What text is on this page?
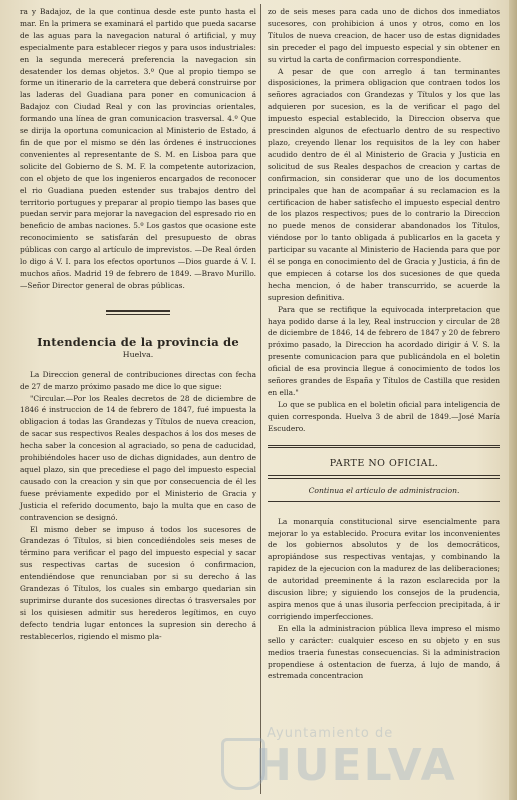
ra y Badajoz, de la que continua desde este punto hasta el mar. En la primera se examinará el partido que pueda sacarse de las aguas para la navegacion natural ó artificial, y muy especialmente para establecer riegos y para usos industriales: en la segunda merecerá preferencia la navegacion sin desatender los demas objetos. 3.º Que al propio tiempo se forme un itinerario de la carretera que deberá construirse por las laderas del Guadiana para poner en comunicacion á Badajoz con Ciudad Real y con las provincias orientales, formando una línea de gran comunicacion trasversal. 4.º Que se dirija la oportuna comunicacion al Ministerio de Estado, á fin de que por el mismo se dén las órdenes é instrucciones convenientes al representante de S. M. en Lisboa para que solicite del Gobierno de S. M. F. la competente autorizacion, con el objeto de que los ingenieros encargados de reconocer el rio Guadiana pueden estender sus trabajos dentro del territorio portugues y preparar al propio tiempo las bases que puedan servir para mejorar la navegacion del espresado rio en beneficio de ambas naciones. 5.º Los gastos que ocasione este reconocimiento se satisfarán del presupuesto de obras públicas con cargo al artículo de imprevistos. —De Real órden lo digo á V. I. para los efectos oportunos —Dios guarde á V. I. muchos años. Madrid 19 de febrero de 1849. —Bravo Murillo.—Señor Director general de obras públicas.

Intendencia de la provincia de
Huelva.

La Direccion general de contribuciones directas con fecha de 27 de marzo próximo pasado me dice lo que sigue:

"Circular.—Por los Reales decretos de 28 de diciembre de 1846 é instruccion de 14 de febrero de 1847, fué impuesta la obligacion á todas las Grandezas y Títulos de nueva creacion, de sacar sus respectivos Reales despachos á los dos meses de hecha saber la concesion al agraciado, so pena de caducidad, prohibiéndoles hacer uso de dichas dignidades, aun dentro de aquel plazo, sin que precediese el pago del impuesto especial causado con la creacion y sin que por consecuencia de él les fuese préviamente expedido por el Ministerio de Gracia y Justicia el referido documento, bajo la multa que en caso de contravencion se designó.

El mismo deber se impuso á todos los sucesores de Grandezas ó Títulos, si bien concediéndoles seis meses de término para verificar el pago del impuesto especial y sacar sus respectivas cartas de sucesion ó confirmacion, entendiéndose que renunciaban por si su derecho á las Grandezas ó Títulos, los cuales sin embargo quedarian sin suprimirse durante dos sucesiones directas ó trasversales por si los quisiesen admitir sus herederos legítimos, en cuyo defecto tendria lugar entonces la supresion sin derecho á restablecerlos, rigiendo el mismo pla-

zo de seis meses para cada uno de dichos dos inmediatos sucesores, con prohibicion á unos y otros, como en los Títulos de nueva creacion, de hacer uso de estas dignidades sin preceder el pago del impuesto especial y sin obtener en su virtud la carta de confirmacion correspondiente.

A pesar de que con arreglo á tan terminantes disposiciones, la primera obligacion que contraen todos los señores agraciados con Grandezas y Títulos y los que las adquieren por sucesion, es la de verificar el pago del impuesto especial establecido, la Direccion observa que prescinden algunos de efectuarlo dentro de su respectivo plazo, creyendo llenar los requisitos de la ley con haber acudido dentro de él al Ministerio de Gracia y Justicia en solicitud de sus Reales despachos de creacion y cartas de confirmacion, sin considerar que uno de los documentos principales que han de acompañar á su reclamacion es la certificacion de haber satisfecho el impuesto especial dentro de los plazos respectivos; pues de lo contrario la Direccion no puede menos de considerar abandonados los Títulos, viéndose por lo tanto obligada á publicarlos en la gaceta y participar su vacante al Ministerio de Hacienda para que por él se ponga en conocimiento del de Gracia y Justicia, á fin de que empiecen á cotarse los dos sucesiones de que queda hecha mencion, ó de haber transcurrido, se acuerde la supresion definitiva.

Para que se rectifique la equivocada interpretacion que haya podido darse á la ley, Real instruccion y circular de 28 de diciembre de 1846, 14 de febrero de 1847 y 20 de febrero próximo pasado, la Direccion ha acordado dirigir á V. S. la presente comunicacion para que publicándola en el boletin oficial de esa provincia llegue á conocimiento de todos los señores grandes de España y Títulos de Castilla que residen en ella."

Lo que se publica en el boletin oficial para inteligencia de quien corresponda. Huelva 3 de abril de 1849.—José María Escudero.

PARTE NO OFICIAL.
Continua el articulo de administracion.

La monarquía constitucional sirve esencialmente para mejorar lo ya establecido. Procura evitar los inconvenientes de los gobiernos absolutos y de los democráticos, apropiándose sus respectivas ventajas, y combinando la rapidez de la ejecucion con la madurez de las deliberaciones; de autoridad preeminente á la razon esclarecida por la discusion libre; y siguiendo los consejos de la prudencia, aspira menos que á unas ilusoria perfeccion precipitada, á ir corrigiendo imperfecciones.

En ella la administracion pública lleva impreso el mismo sello y carácter: cualquier esceso en su objeto y en sus medios traeria funestas consecuencias. Si la administracion propendiese á ostentacion de fuerza, á lujo de mando, á estremada concentracion

Ayuntamiento de
HUELVA
